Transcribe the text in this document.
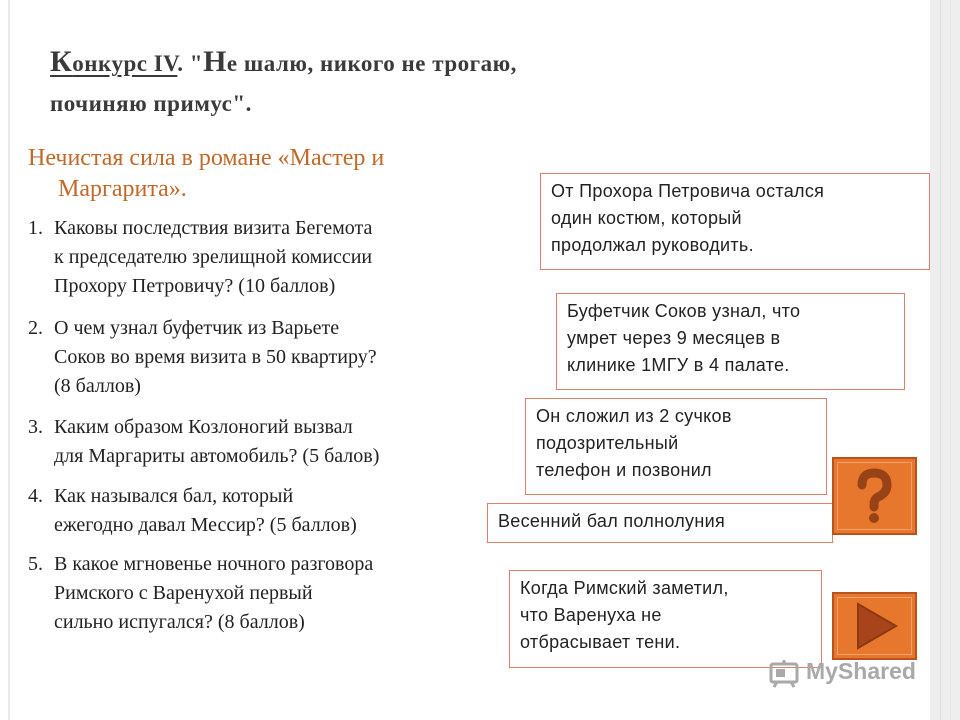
Конкурс IV. "Не шалю, никого не трогаю,
починяю примус".
Нечистая сила в романе «Мастер и
Маргарита».
1. Каковы последствия визита Бегемота
к председателю зрелищной комиссии
Прохору Петровичу? (10 баллов)
2. О чем узнал буфетчик из Варьете
Соков во время визита в 50 квартиру?
(8 баллов)
3. Каким образом Козлоногий вызвал
для Маргариты автомобиль? (5 балов)
4. Как назывался бал, который
ежегодно давал Мессир? (5 баллов)
5. В какое мгновенье ночного разговора
Римского с Варенухой первый
сильно испугался? (8 баллов)
От Прохора Петровича остался
один костюм, который
продолжал руководить.
Буфетчик Соков узнал, что
умрет через 9 месяцев в
клинике 1МГУ в 4 палате.
Он сложил из 2 сучков
подозрительный
телефон и позвонил
Весенний бал полнолуния
Когда Римский заметил,
что Варенуха не
отбрасывает тени.
MyShared
